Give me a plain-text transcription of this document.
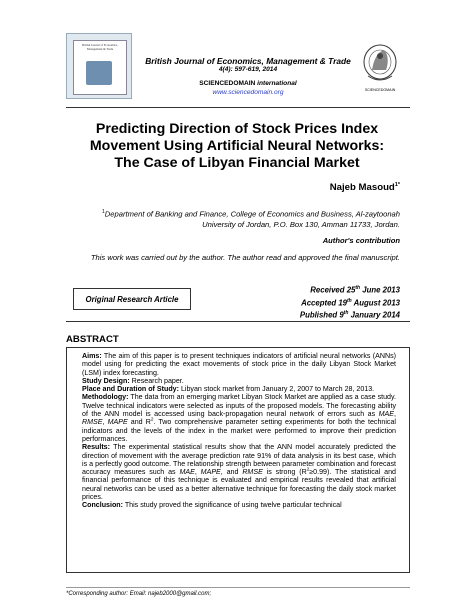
British Journal of Economics, Management & Trade
British Journal of Economics, Management & Trade
4(4): 597-619, 2014
SCIENCEDOMAIN international
www.sciencedomain.org	SCIENCEDOMAIN
Predicting Direction of Stock Prices Index
Movement Using Artificial Neural Networks:
The Case of Libyan Financial Market
Najeb Masoud$^{1*}$
$^1$Department of Banking and Finance, College of Economics and Business, Al-zaytoonah
University of Jordan, P.O. Box 130, Amman 11733, Jordan.
Author's contribution
This work was carried out by the author. The author read and approved the final manuscript.
Original Research Article
Received 25th June 2013
Accepted 19th August 2013
Published 9th January 2014
ABSTRACT

Aims: The aim of this paper is to present techniques indicators of artificial neural networks (ANNs) model using for predicting the exact movements of stock price in the daily Libyan Stock Market (LSM) index forecasting.

Study Design: Research paper.

Place and Duration of Study: Libyan stock market from January 2, 2007 to March 28, 2013.

Methodology: The data from an emerging market Libyan Stock Market are applied as a case study. Twelve technical indicators were selected as inputs of the proposed models. The forecasting ability of the ANN model is accessed using back-propagation neural network of errors such as MAE, RMSE, MAPE and $R^2$. Two comprehensive parameter setting experiments for both the technical indicators and the levels of the index in the market were performed to improve their prediction performances.

Results: The experimental statistical results show that the ANN model accurately predicted the direction of movement with the average prediction rate 91% of data analysis in its best case, which is a perfectly good outcome. The relationship strength between parameter combination and forecast accuracy measures such as MAE, MAPE, and RMSE is strong $(R^2\ge 0.99)$. The statistical and financial performance of this technique is evaluated and empirical results revealed that artificial neural networks can be used as a better alternative technique for forecasting the daily stock market prices.

Conclusion: This study proved the significance of using twelve particular technical

*Corresponding author: Email: najeb2000@gmail.com;
